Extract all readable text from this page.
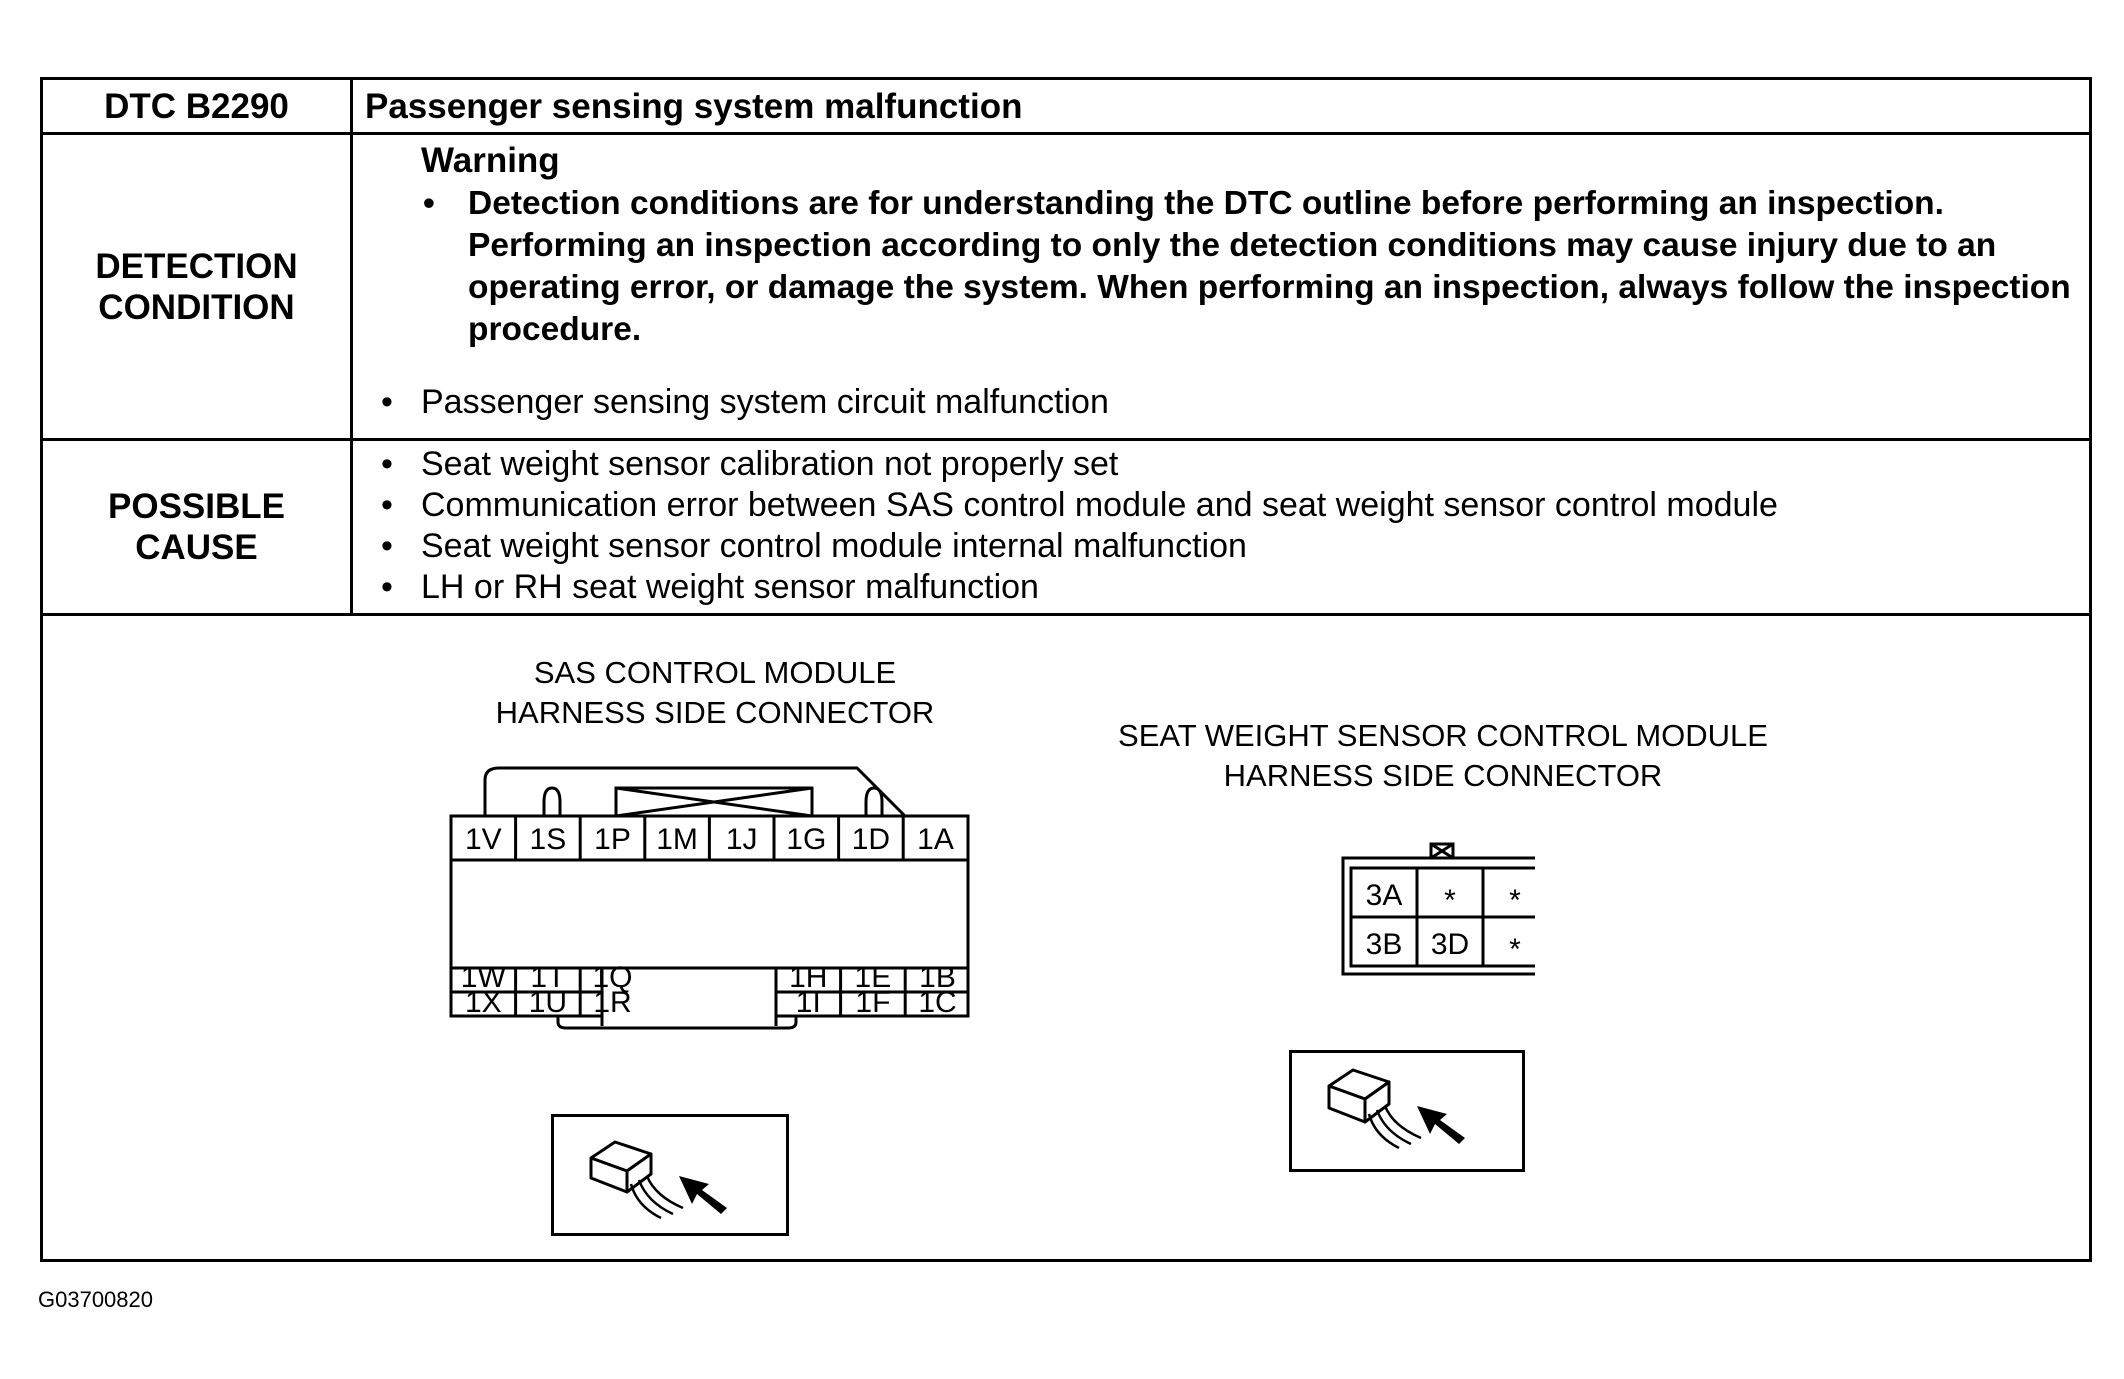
DTC B2290	Passenger sensing system malfunction
DETECTION
CONDITION
Warning
• Detection conditions are for understanding the DTC outline before performing an inspection. Performing an inspection according to only the detection conditions may cause injury due to an operating error, or damage the system. When performing an inspection, always follow the inspection procedure.
• Passenger sensing system circuit malfunction
POSSIBLE
CAUSE
• Seat weight sensor calibration not properly set
• Communication error between SAS control module and seat weight sensor control module
• Seat weight sensor control module internal malfunction
• LH or RH seat weight sensor malfunction
SAS CONTROL MODULE
HARNESS SIDE CONNECTOR
1V 1S 1P 1M 1J 1G 1D 1A
1W 1T 1Q
1X 1U 1R
1H 1E 1B
1I 1F 1C
SEAT WEIGHT SENSOR CONTROL MODULE
HARNESS SIDE CONNECTOR
3A * *
3B 3D *
G03700820
